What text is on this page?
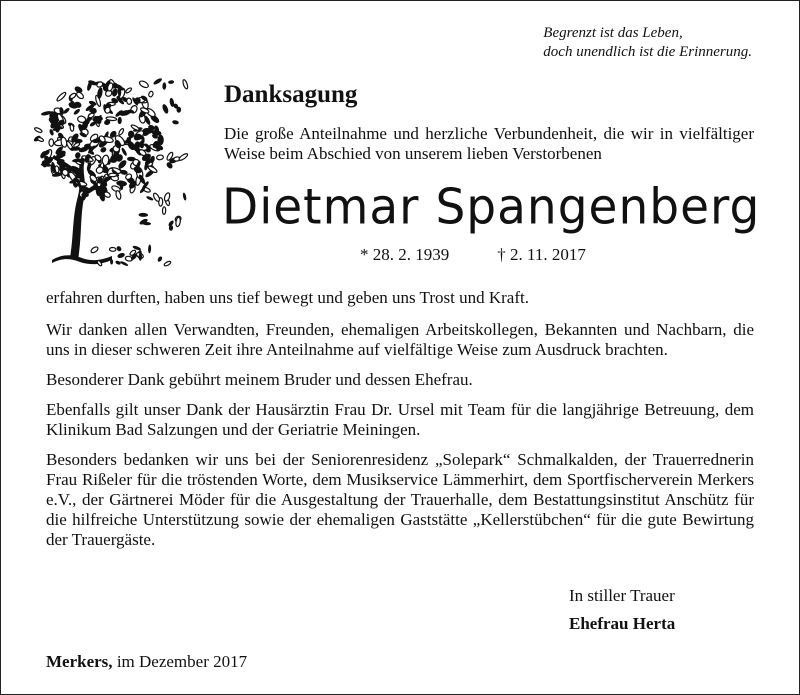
Begrenzt ist das Leben,
doch unendlich ist die Erinnerung.
Danksagung
Die große Anteilnahme und herzliche Verbundenheit, die wir in vielfältiger Weise beim Abschied von unserem lieben Verstorbenen
Dietmar Spangenberg
* 28. 2. 1939	† 2. 11. 2017

erfahren durften, haben uns tief bewegt und geben uns Trost und Kraft.

Wir danken allen Verwandten, Freunden, ehemaligen Arbeitskollegen, Bekannten und Nachbarn, die uns in dieser schweren Zeit ihre Anteilnahme auf vielfältige Weise zum Ausdruck brachten.

Besonderer Dank gebührt meinem Bruder und dessen Ehefrau.

Ebenfalls gilt unser Dank der Hausärztin Frau Dr. Ursel mit Team für die langjährige Betreuung, dem Klinikum Bad Salzungen und der Geriatrie Meiningen.

Besonders bedanken wir uns bei der Seniorenresidenz „Solepark“ Schmalkalden, der Trauerrednerin Frau Rißeler für die tröstenden Worte, dem Musikservice Lämmerhirt, dem Sportfischerverein Merkers e.V., der Gärtnerei Möder für die Ausgestaltung der Trauerhalle, dem Bestattungsinstitut Anschütz für die hilfreiche Unterstützung sowie der ehemaligen Gaststätte „Kellerstübchen“ für die gute Bewirtung der Trauergäste.

In stiller Trauer
Ehefrau Herta
Merkers, im Dezember 2017
